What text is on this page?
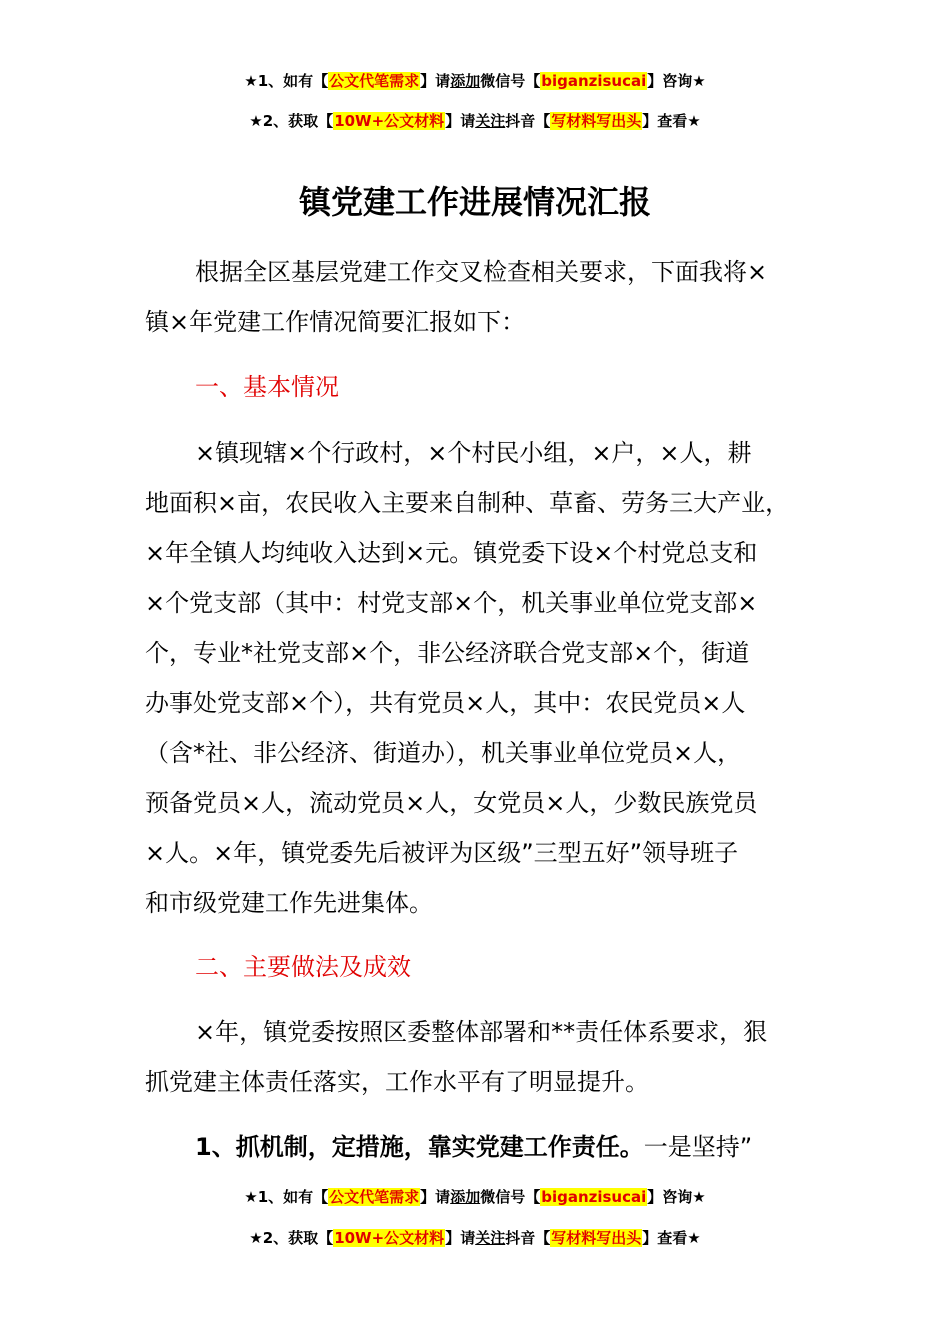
★1、如有【公文代笔需求】请添加微信号【biganzisucai】咨询★
★2、获取【10W+公文材料】请关注抖音【写材料写出头】查看★
镇党建工作进展情况汇报
根据全区基层党建工作交叉检查相关要求，下面我将×
镇×年党建工作情况简要汇报如下：
一、基本情况
×镇现辖×个行政村，×个村民小组，×户，×人，耕
地面积×亩，农民收入主要来自制种、草畜、劳务三大产业，
×年全镇人均纯收入达到×元。镇党委下设×个村党总支和
×个党支部（其中：村党支部×个，机关事业单位党支部×
个，专业*社党支部×个，非公经济联合党支部×个，街道
办事处党支部×个），共有党员×人，其中：农民党员×人
（含*社、非公经济、街道办），机关事业单位党员×人，
预备党员×人，流动党员×人，女党员×人，少数民族党员
×人。×年，镇党委先后被评为区级”三型五好”领导班子
和市级党建工作先进集体。
二、主要做法及成效
×年，镇党委按照区委整体部署和**责任体系要求，狠
抓党建主体责任落实，工作水平有了明显提升。
1、抓机制，定措施，靠实党建工作责任。一是坚持”
★1、如有【公文代笔需求】请添加微信号【biganzisucai】咨询★
★2、获取【10W+公文材料】请关注抖音【写材料写出头】查看★
